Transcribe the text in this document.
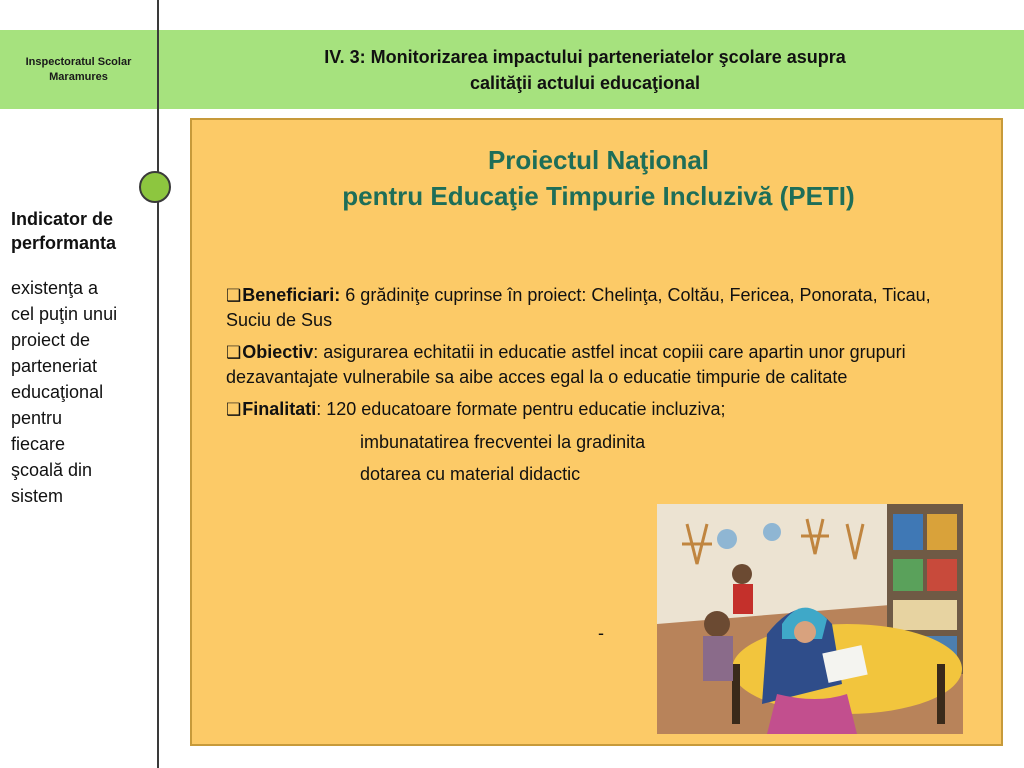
Inspectoratul Scolar
Maramures
IV. 3: Monitorizarea impactului parteneriatelor şcolare asupra
calităţii actului educaţional
Indicator de performanta
existenţa a
cel puţin unui
proiect de
parteneriat
educaţional
pentru
fiecare
şcoală din
sistem
Proiectul Naţional
pentru Educaţie Timpurie Incluzivă (PETI)
❑Beneficiari: 6 grădiniţe cuprinse în proiect: Chelinţa, Coltău, Fericea, Ponorata, Ticau, Suciu de Sus
❑Obiectiv: asigurarea echitatii in educatie astfel incat copiii care apartin unor grupuri dezavantajate vulnerabile sa aibe acces egal la o educatie timpurie de calitate
❑Finalitati: 120 educatoare formate pentru educatie incluziva;
imbunatatirea frecventei la gradinita
dotarea cu material didactic
-
